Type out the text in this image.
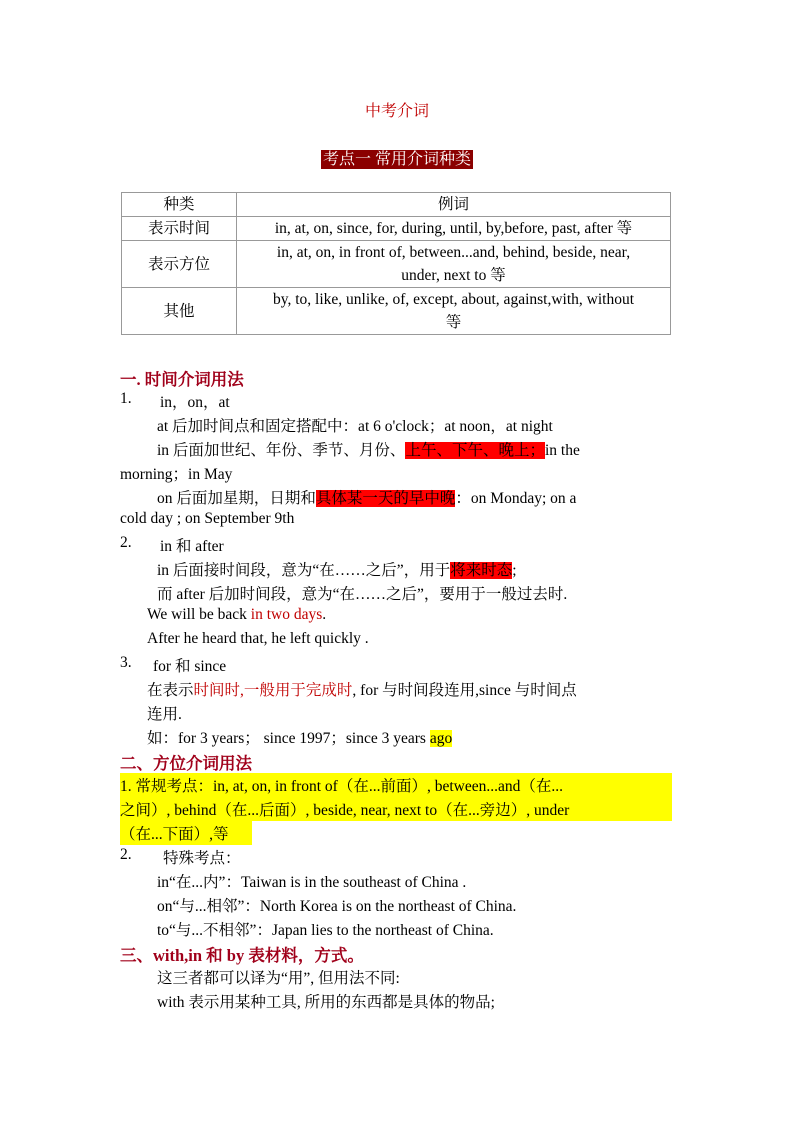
中考介词
考点一 常用介词种类
种类	例词
表示时间	in, at, on, since, for, during, until, by,before, past, after 等
表示方位	in, at, on, in front of, between...and, behind, beside, near,
under, next to 等

其他	by, to, like, unlike, of, except, about, against,with, without
等
一. 时间介词用法
1. in，on，at
at 后加时间点和固定搭配中：at 6 o'clock；at noon，at night
in 后面加世纪、年份、季节、月份、上午、下午、晚上；in the
morning；in May
on 后面加星期，日期和具体某一天的早中晚：on Monday; on a
cold day ; on September 9th
2. in 和 after
in 后面接时间段，意为“在……之后”，用于将来时态;
而 after 后加时间段，意为“在……之后”，要用于一般过去时.
We will be back in two days.
After he heard that, he left quickly .
3. for 和 since
在表示时间时,一般用于完成时, for 与时间段连用,since 与时间点
连用.
如：for 3 years； since 1997；since 3 years ago
二、方位介词用法
1. 常规考点：in, at, on, in front of（在...前面）, between...and（在...
之间）, behind（在...后面）, beside, near, next to（在...旁边）, under
（在...下面）,等
2. 特殊考点：
in“在...内”：Taiwan is in the southeast of China .
on“与...相邻”：North Korea is on the northeast of China.
to“与...不相邻”：Japan lies to the northeast of China.
三、with,in 和 by 表材料，方式。
这三者都可以译为“用”, 但用法不同:
with 表示用某种工具, 所用的东西都是具体的物品;
